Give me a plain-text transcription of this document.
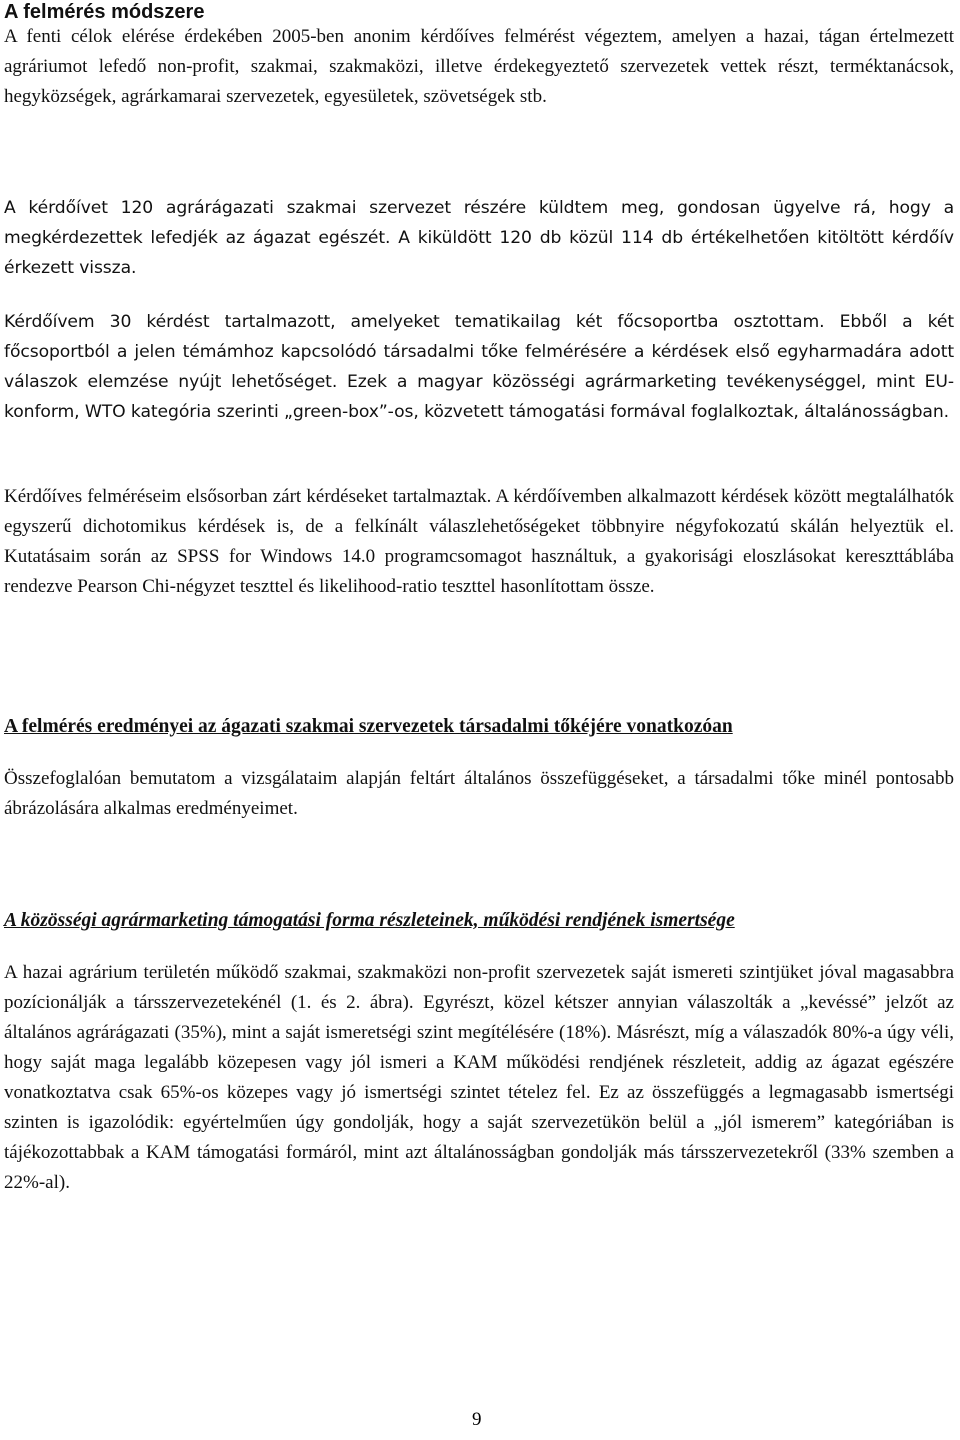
A felmérés módszere

A fenti célok elérése érdekében 2005-ben anonim kérdőíves felmérést végeztem, amelyen a hazai, tágan értelmezett agráriumot lefedő non-profit, szakmai, szakmaközi, illetve érdekegyeztető szervezetek vettek részt, terméktanácsok, hegyközségek, agrárkamarai szervezetek, egyesületek, szövetségek stb.

A kérdőívet 120 agrárágazati szakmai szervezet részére küldtem meg, gondosan ügyelve rá, hogy a megkérdezettek lefedjék az ágazat egészét. A kiküldött 120 db közül 114 db értékelhetően kitöltött kérdőív érkezett vissza.

Kérdőívem 30 kérdést tartalmazott, amelyeket tematikailag két főcsoportba osztottam. Ebből a két főcsoportból a jelen témámhoz kapcsolódó társadalmi tőke felmérésére a kérdések első egyharmadára adott válaszok elemzése nyújt lehetőséget. Ezek a magyar közösségi agrármarketing tevékenységgel, mint EU-konform, WTO kategória szerinti „green-box”-os, közvetett támogatási formával foglalkoztak, általánosságban.

Kérdőíves felméréseim elsősorban zárt kérdéseket tartalmaztak. A kérdőívemben alkalmazott kérdések között megtalálhatók egyszerű dichotomikus kérdések is, de a felkínált válaszlehetőségeket többnyire négyfokozatú skálán helyeztük el. Kutatásaim során az SPSS for Windows 14.0 programcsomagot használtuk, a gyakorisági eloszlásokat kereszttáblába rendezve Pearson Chi-négyzet teszttel és likelihood-ratio teszttel hasonlítottam össze.

A felmérés eredményei az ágazati szakmai szervezetek társadalmi tőkéjére vonatkozóan

Összefoglalóan bemutatom a vizsgálataim alapján feltárt általános összefüggéseket, a társadalmi tőke minél pontosabb ábrázolására alkalmas eredményeimet.

A közösségi agrármarketing támogatási forma részleteinek, működési rendjének ismertsége

A hazai agrárium területén működő szakmai, szakmaközi non-profit szervezetek saját ismereti szintjüket jóval magasabbra pozícionálják a társszervezetekénél (1. és 2. ábra). Egyrészt, közel kétszer annyian válaszolták a „kevéssé” jelzőt az általános agrárágazati (35%), mint a saját ismeretségi szint megítélésére (18%). Másrészt, míg a válaszadók 80%-a úgy véli, hogy saját maga legalább közepesen vagy jól ismeri a KAM működési rendjének részleteit, addig az ágazat egészére vonatkoztatva csak 65%-os közepes vagy jó ismertségi szintet tételez fel. Ez az összefüggés a legmagasabb ismertségi szinten is igazolódik: egyértelműen úgy gondolják, hogy a saját szervezetükön belül a „jól ismerem” kategóriában is tájékozottabbak a KAM támogatási formáról, mint azt általánosságban gondolják más társszervezetekről (33% szemben a 22%-al).

9
